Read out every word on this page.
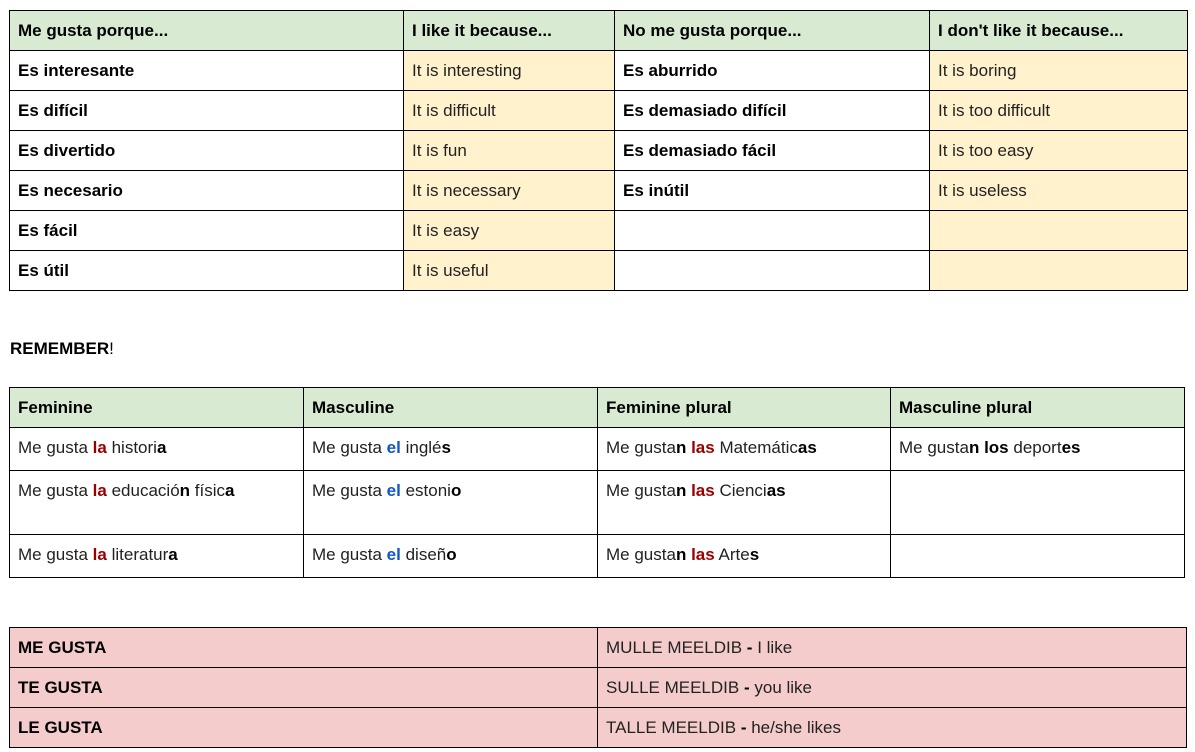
Me gusta porque...	I like it because...	No me gusta porque...	I don't like it because...
Es interesante	It is interesting	Es aburrido	It is boring
Es difícil	It is difficult	Es demasiado difícil	It is too difficult
Es divertido	It is fun	Es demasiado fácil	It is too easy
Es necesario	It is necessary	Es inútil	It is useless
Es fácil	It is easy		
Es útil	It is useful		
REMEMBER!
Feminine	Masculine	Feminine plural	Masculine plural
Me gusta la historia	Me gusta el inglés	Me gustan las Matemáticas	Me gustan los deportes
Me gusta la educación física	Me gusta el estonio	Me gustan las Ciencias	
Me gusta la literatura	Me gusta el diseño	Me gustan las Artes	
ME GUSTA	MULLE MEELDIB - I like
TE GUSTA	SULLE MEELDIB - you like
LE GUSTA	TALLE MEELDIB - he/she likes
